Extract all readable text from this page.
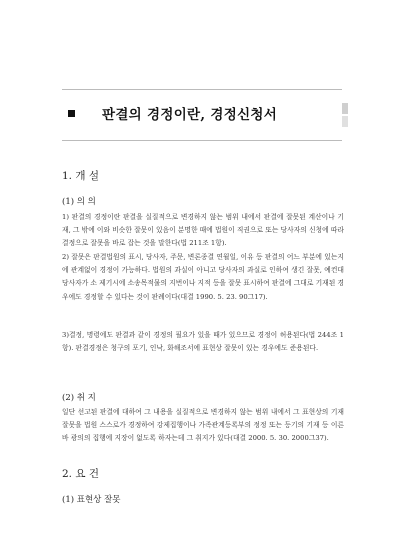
판결의 경정이란, 경정신청서
1. 개 설
(1) 의 의
1) 판결의 경정이란 판결을 실질적으로 변경하지 않는 범위 내에서 판결에 잘못된 계산이나 기재, 그 밖에 이와 비슷한 잘못이 있음이 분명한 때에 법원이 직권으로 또는 당사자의 신청에 따라 결정으로 잘못을 바로 잡는 것을 말한다(법 211조 1항).
2) 잘못은 판결법원의 표시, 당사자, 주문, 변론종결 연월일, 이유 등 판결의 어느 부분에 있는지에 관계없이 경정이 가능하다. 법원의 과실이 아니고 당사자의 과실로 인하여 생긴 잘못, 예컨대 당사자가 소 제기시에 소송목적물의 지번이나 지적 등을 잘못 표시하여 판결에 그대로 기재된 경우에도 경정할 수 있다는 것이 판례이다(대결 1990. 5. 23. 90그17).
3)결정, 명령에도 판결과 같이 경정의 필요가 있을 때가 있으므로 경정이 허용된다(법 244조 1항). 판결경정은 청구의 포기, 인낙, 화해조서에 표현상 잘못이 있는 경우에도 준용된다.
(2) 취 지
일단 선고된 판결에 대하여 그 내용을 실질적으로 변경하지 않는 범위 내에서 그 표현상의 기재 잘못을 법원 스스로가 경정하여 강제집행이나 가족관계등록부의 정정 또는 등기의 기재 등 이른 바 광의의 집행에 지장이 없도록 하자는데 그 취지가 있다(대결 2000. 5. 30. 2000그37).
2. 요 건
(1) 표현상 잘못
